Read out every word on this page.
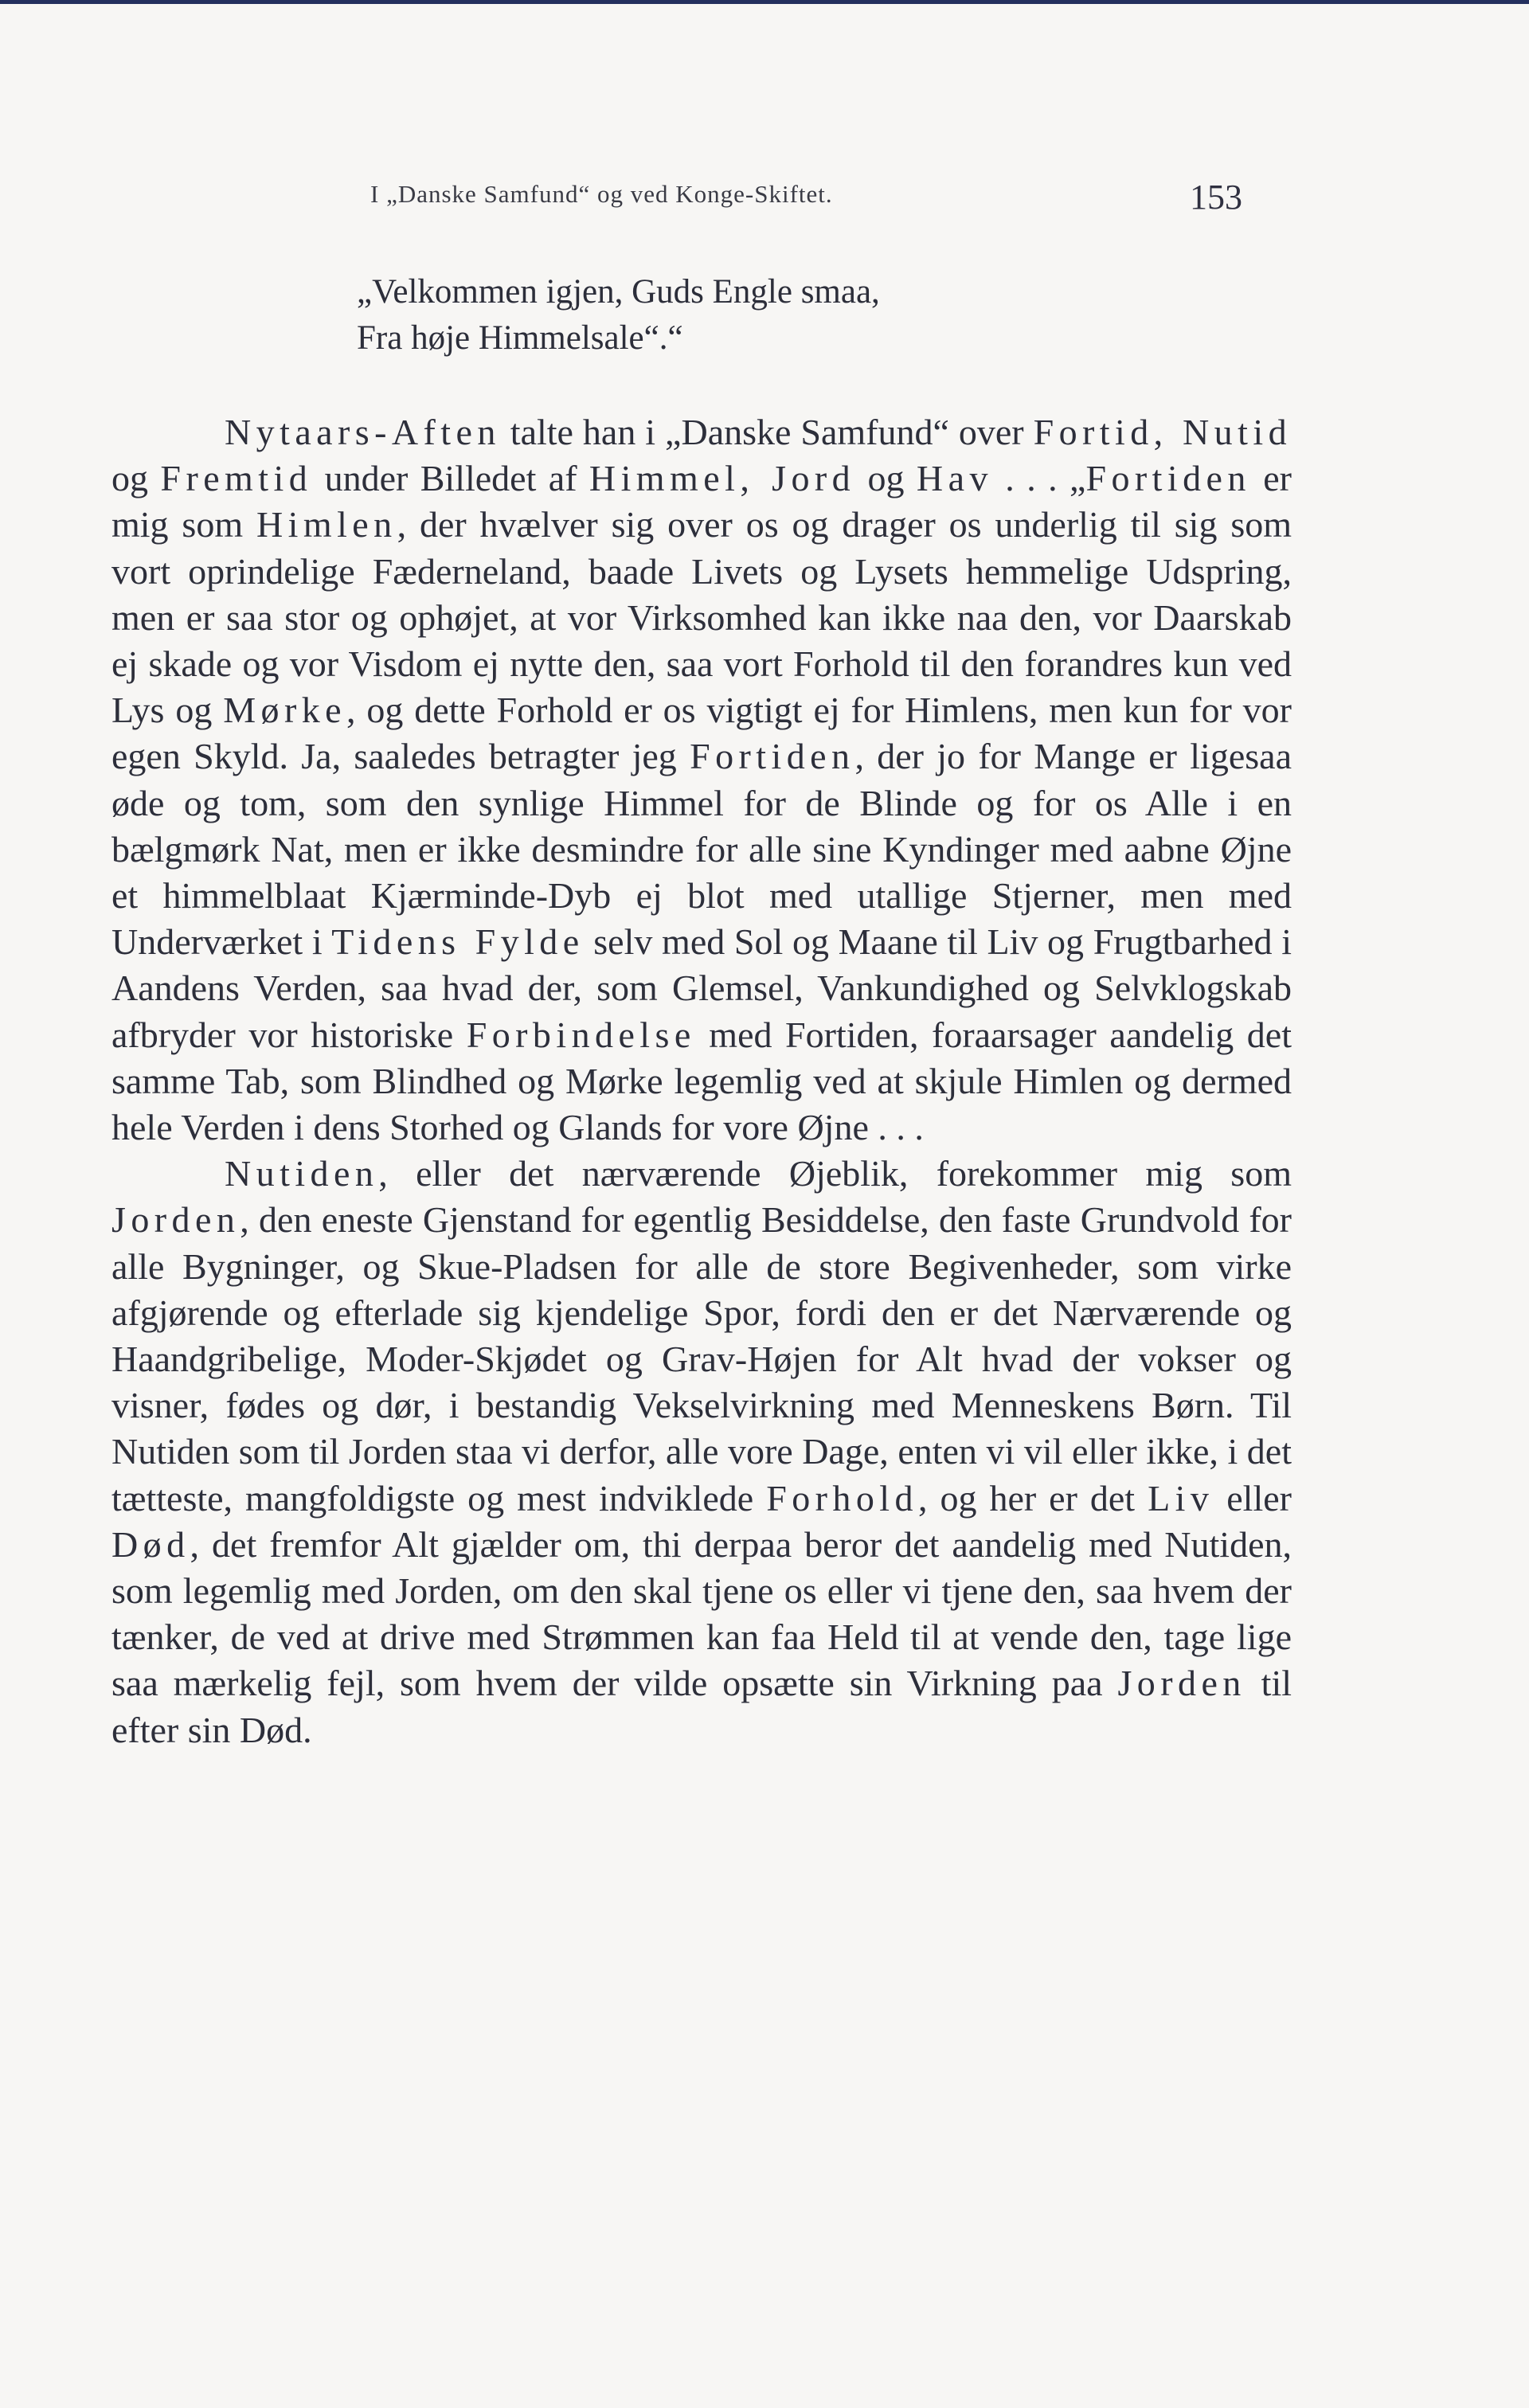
I „Danske Samfund“ og ved Konge-Skiftet.	153
„Velkommen igjen, Guds Engle smaa,
Fra høje Himmelsale“.“

Nytaars-Aften talte han i „Danske Samfund“ over Fortid, Nutid og Fremtid under Billedet af Himmel, Jord og Hav . . . „Fortiden er mig som Himlen, der hvælver sig over os og drager os underlig til sig som vort oprindelige Fæderneland, baade Livets og Lysets hemmelige Udspring, men er saa stor og ophøjet, at vor Virksomhed kan ikke naa den, vor Daarskab ej skade og vor Visdom ej nytte den, saa vort Forhold til den forandres kun ved Lys og Mørke, og dette Forhold er os vigtigt ej for Himlens, men kun for vor egen Skyld. Ja, saaledes betragter jeg Fortiden, der jo for Mange er ligesaa øde og tom, som den synlige Himmel for de Blinde og for os Alle i en bælgmørk Nat, men er ikke desmindre for alle sine Kyndinger med aabne Øjne et himmelblaat Kjærminde-Dyb ej blot med utallige Stjerner, men med Underværket i Tidens Fylde selv med Sol og Maane til Liv og Frugtbarhed i Aandens Verden, saa hvad der, som Glemsel, Vankundighed og Selvklogskab afbryder vor historiske Forbindelse med Fortiden, foraarsager aandelig det samme Tab, som Blindhed og Mørke legemlig ved at skjule Himlen og dermed hele Verden i dens Storhed og Glands for vore Øjne . . .

Nutiden, eller det nærværende Øjeblik, forekommer mig som Jorden, den eneste Gjenstand for egentlig Besiddelse, den faste Grundvold for alle Bygninger, og Skue-Pladsen for alle de store Begivenheder, som virke afgjørende og efterlade sig kjendelige Spor, fordi den er det Nærværende og Haandgribelige, Moder-Skjødet og Grav-Højen for Alt hvad der vokser og visner, fødes og dør, i bestandig Vekselvirkning med Menneskens Børn. Til Nutiden som til Jorden staa vi derfor, alle vore Dage, enten vi vil eller ikke, i det tætteste, mangfoldigste og mest indviklede Forhold, og her er det Liv eller Død, det fremfor Alt gjælder om, thi derpaa beror det aandelig med Nutiden, som legemlig med Jorden, om den skal tjene os eller vi tjene den, saa hvem der tænker, de ved at drive med Strømmen kan faa Held til at vende den, tage lige saa mærkelig fejl, som hvem der vilde opsætte sin Virkning paa Jorden til efter sin Død.
